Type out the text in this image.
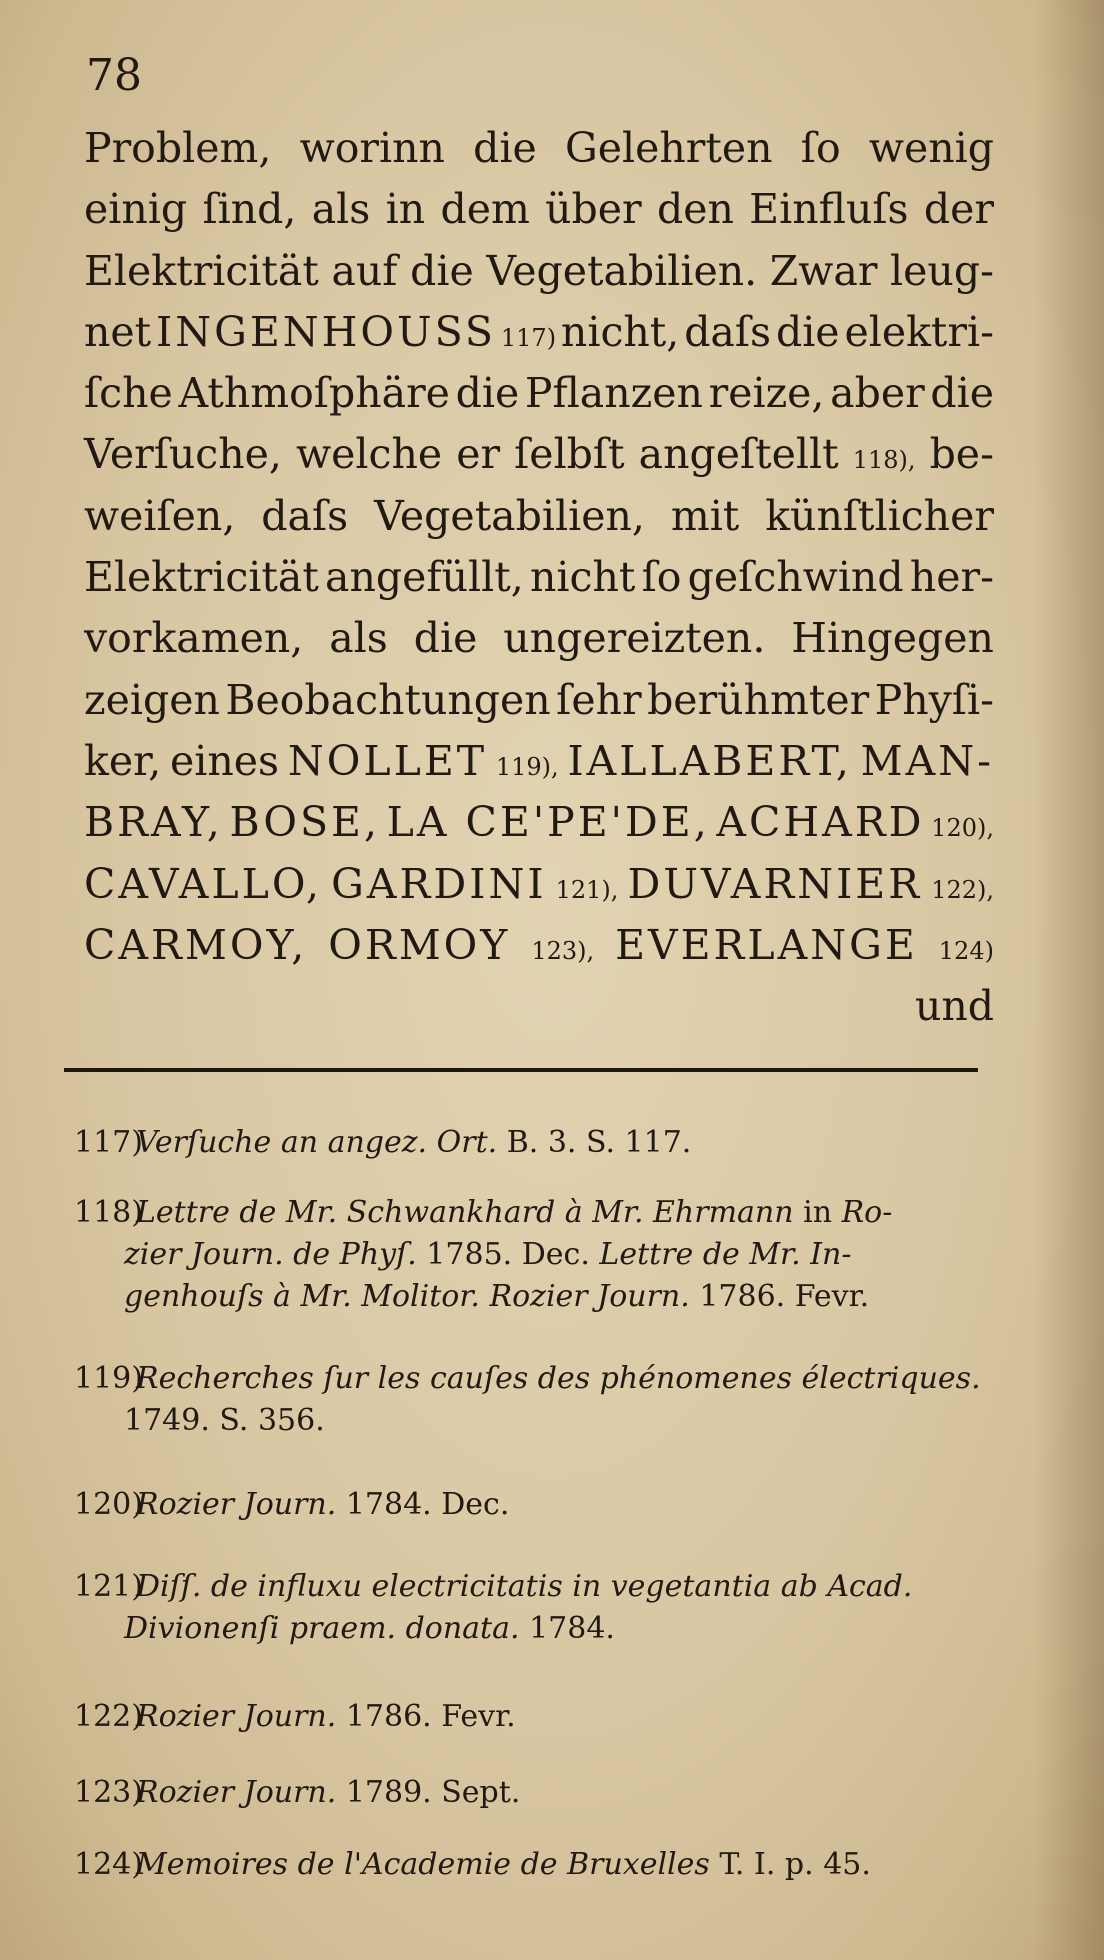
78
Problem, worinn die Gelehrten ſo wenig
einig ſind, als in dem über den Einfluſs der
Elektricität auf die Vegetabilien. Zwar leug-
net INGENHOUSS 117) nicht, daſs die elektri-
ſche Athmoſphäre die Pflanzen reize, aber die
Verſuche, welche er ſelbſt angeſtellt 118), be-
weiſen, daſs Vegetabilien, mit künſtlicher
Elektricität angefüllt, nicht ſo geſchwind her-
vorkamen, als die ungereizten. Hingegen
zeigen Beobachtungen ſehr berühmter Phyſi-
ker, eines NOLLET 119), IALLABERT, MAN-
BRAY, BOSE, LA CE'PE'DE, ACHARD 120),
CAVALLO, GARDINI 121), DUVARNIER 122),
CARMOY, ORMOY 123), EVERLANGE 124)
und
117)Verſuche an angez. Ort. B. 3. S. 117.
118)Lettre de Mr. Schwankhard à Mr. Ehrmann in Ro-
zier Journ. de Phyſ. 1785. Dec. Lettre de Mr. In-
genhouſs à Mr. Molitor. Rozier Journ. 1786. Fevr.
119)Recherches ſur les cauſes des phénomenes électriques.
1749. S. 356.
120)Rozier Journ. 1784. Dec.
121)Diſſ. de influxu electricitatis in vegetantia ab Acad.
Divionenſi praem. donata. 1784.
122)Rozier Journ. 1786. Fevr.
123)Rozier Journ. 1789. Sept.
124)Memoires de l'Academie de Bruxelles T. I. p. 45.
